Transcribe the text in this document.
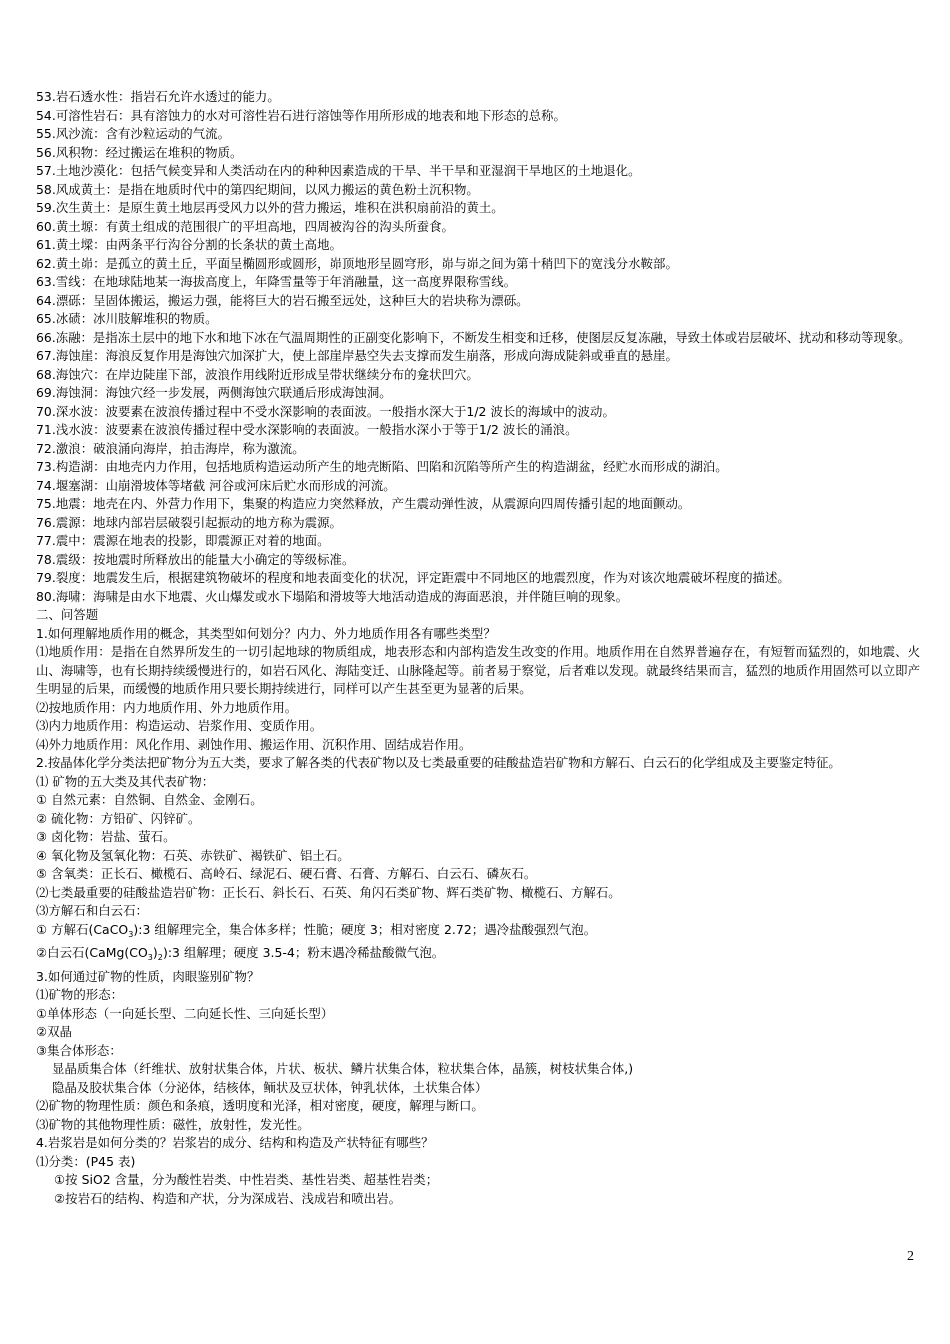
53.岩石透水性：指岩石允许水透过的能力。
54.可溶性岩石：具有溶蚀力的水对可溶性岩石进行溶蚀等作用所形成的地表和地下形态的总称。
55.风沙流：含有沙粒运动的气流。
56.风积物：经过搬运在堆积的物质。
57.土地沙漠化：包括气候变异和人类活动在内的种种因素造成的干旱、半干旱和亚湿润干旱地区的土地退化。
58.风成黄土：是指在地质时代中的第四纪期间，以风力搬运的黄色粉土沉积物。
59.次生黄土：是原生黄土地层再受风力以外的营力搬运，堆积在洪积扇前沿的黄土。
60.黄土塬：有黄土组成的范围很广的平坦高地，四周被沟谷的沟头所蚕食。
61.黄土墚：由两条平行沟谷分割的长条状的黄土高地。
62.黄土峁：是孤立的黄土丘，平面呈椭圆形或圆形，峁顶地形呈圆穹形，峁与峁之间为第十稍凹下的宽浅分水鞍部。
63.雪线：在地球陆地某一海拔高度上，年降雪量等于年消融量，这一高度界限称雪线。
64.漂砾：呈固体搬运，搬运力强，能将巨大的岩石搬至远处，这种巨大的岩块称为漂砾。
65.冰碛：冰川肢解堆积的物质。
66.冻融：是指冻土层中的地下水和地下冰在气温周期性的正副变化影响下，不断发生相变和迁移，使图层反复冻融，导致土体或岩层破坏、扰动和移动等现象。
67.海蚀崖：海浪反复作用是海蚀穴加深扩大，使上部崖岸悬空失去支撑而发生崩落，形成向海成陡斜或垂直的悬崖。
68.海蚀穴：在岸边陡崖下部，波浪作用线附近形成呈带状继续分布的龛状凹穴。
69.海蚀洞：海蚀穴经一步发展，两侧海蚀穴联通后形成海蚀洞。
70.深水波：波要素在波浪传播过程中不受水深影响的表面波。一般指水深大于1/2 波长的海域中的波动。
71.浅水波：波要素在波浪传播过程中受水深影响的表面波。一般指水深小于等于1/2 波长的涌浪。
72.激浪：破浪涌向海岸，拍击海岸，称为激流。
73.构造湖：由地壳内力作用，包括地质构造运动所产生的地壳断陷、凹陷和沉陷等所产生的构造湖盆，经贮水而形成的湖泊。
74.堰塞湖：山崩滑坡体等堵截 河谷或河床后贮水而形成的河流。
75.地震：地壳在内、外营力作用下，集聚的构造应力突然释放，产生震动弹性波，从震源向四周传播引起的地面颤动。
76.震源：地球内部岩层破裂引起振动的地方称为震源。
77.震中：震源在地表的投影，即震源正对着的地面。
78.震级：按地震时所释放出的能量大小确定的等级标准。
79.裂度：地震发生后，根据建筑物破坏的程度和地表面变化的状况，评定距震中不同地区的地震烈度，作为对该次地震破坏程度的描述。
80.海啸：海啸是由水下地震、火山爆发或水下塌陷和滑坡等大地活动造成的海面恶浪，并伴随巨响的现象。
二、问答题
1.如何理解地质作用的概念，其类型如何划分？内力、外力地质作用各有哪些类型？
⑴地质作用：是指在自然界所发生的一切引起地球的物质组成，地表形态和内部构造发生改变的作用。地质作用在自然界普遍存在，有短暂而猛烈的，如地震、火山、海啸等，也有长期持续缓慢进行的，如岩石风化、海陆变迁、山脉隆起等。前者易于察觉，后者难以发现。就最终结果而言，猛烈的地质作用固然可以立即产生明显的后果，而缓慢的地质作用只要长期持续进行，同样可以产生甚至更为显著的后果。
⑵按地质作用：内力地质作用、外力地质作用。
⑶内力地质作用：构造运动、岩浆作用、变质作用。
⑷外力地质作用：风化作用、剥蚀作用、搬运作用、沉积作用、固结成岩作用。
2.按晶体化学分类法把矿物分为五大类，要求了解各类的代表矿物以及七类最重要的硅酸盐造岩矿物和方解石、白云石的化学组成及主要鉴定特征。
⑴ 矿物的五大类及其代表矿物：
① 自然元素：自然铜、自然金、金刚石。
② 硫化物：方铅矿、闪锌矿。
③ 卤化物：岩盐、萤石。
④ 氧化物及氢氧化物：石英、赤铁矿、褐铁矿、铝土石。
⑤ 含氧类：正长石、橄榄石、高岭石、绿泥石、硬石膏、石膏、方解石、白云石、磷灰石。
⑵七类最重要的硅酸盐造岩矿物：正长石、斜长石、石英、角闪石类矿物、辉石类矿物、橄榄石、方解石。
⑶方解石和白云石：
① 方解石(CaCO$_3$):3 组解理完全，集合体多样；性脆；硬度 3；相对密度 2.72；遇冷盐酸强烈气泡。
②白云石$(CaMg(CO_3)_2):3$ 组解理；硬度 3.5-4；粉末遇冷稀盐酸微气泡。
3.如何通过矿物的性质，肉眼鉴别矿物？
⑴矿物的形态：
①单体形态（一向延长型、二向延长性、三向延长型）
②双晶
③集合体形态：
显晶质集合体（纤维状、放射状集合体，片状、板状、鳞片状集合体，粒状集合体，晶簇，树枝状集合体,)
隐晶及胶状集合体（分泌体，结核体，鲕状及豆状体，钟乳状体，土状集合体）
⑵矿物的物理性质：颜色和条痕，透明度和光泽，相对密度，硬度，解理与断口。
⑶矿物的其他物理性质：磁性，放射性，发光性。
4.岩浆岩是如何分类的？岩浆岩的成分、结构和构造及产状特征有哪些？
⑴分类：(P45 表)
①按 SiO2 含量，分为酸性岩类、中性岩类、基性岩类、超基性岩类；
②按岩石的结构、构造和产状，分为深成岩、浅成岩和喷出岩。
2
